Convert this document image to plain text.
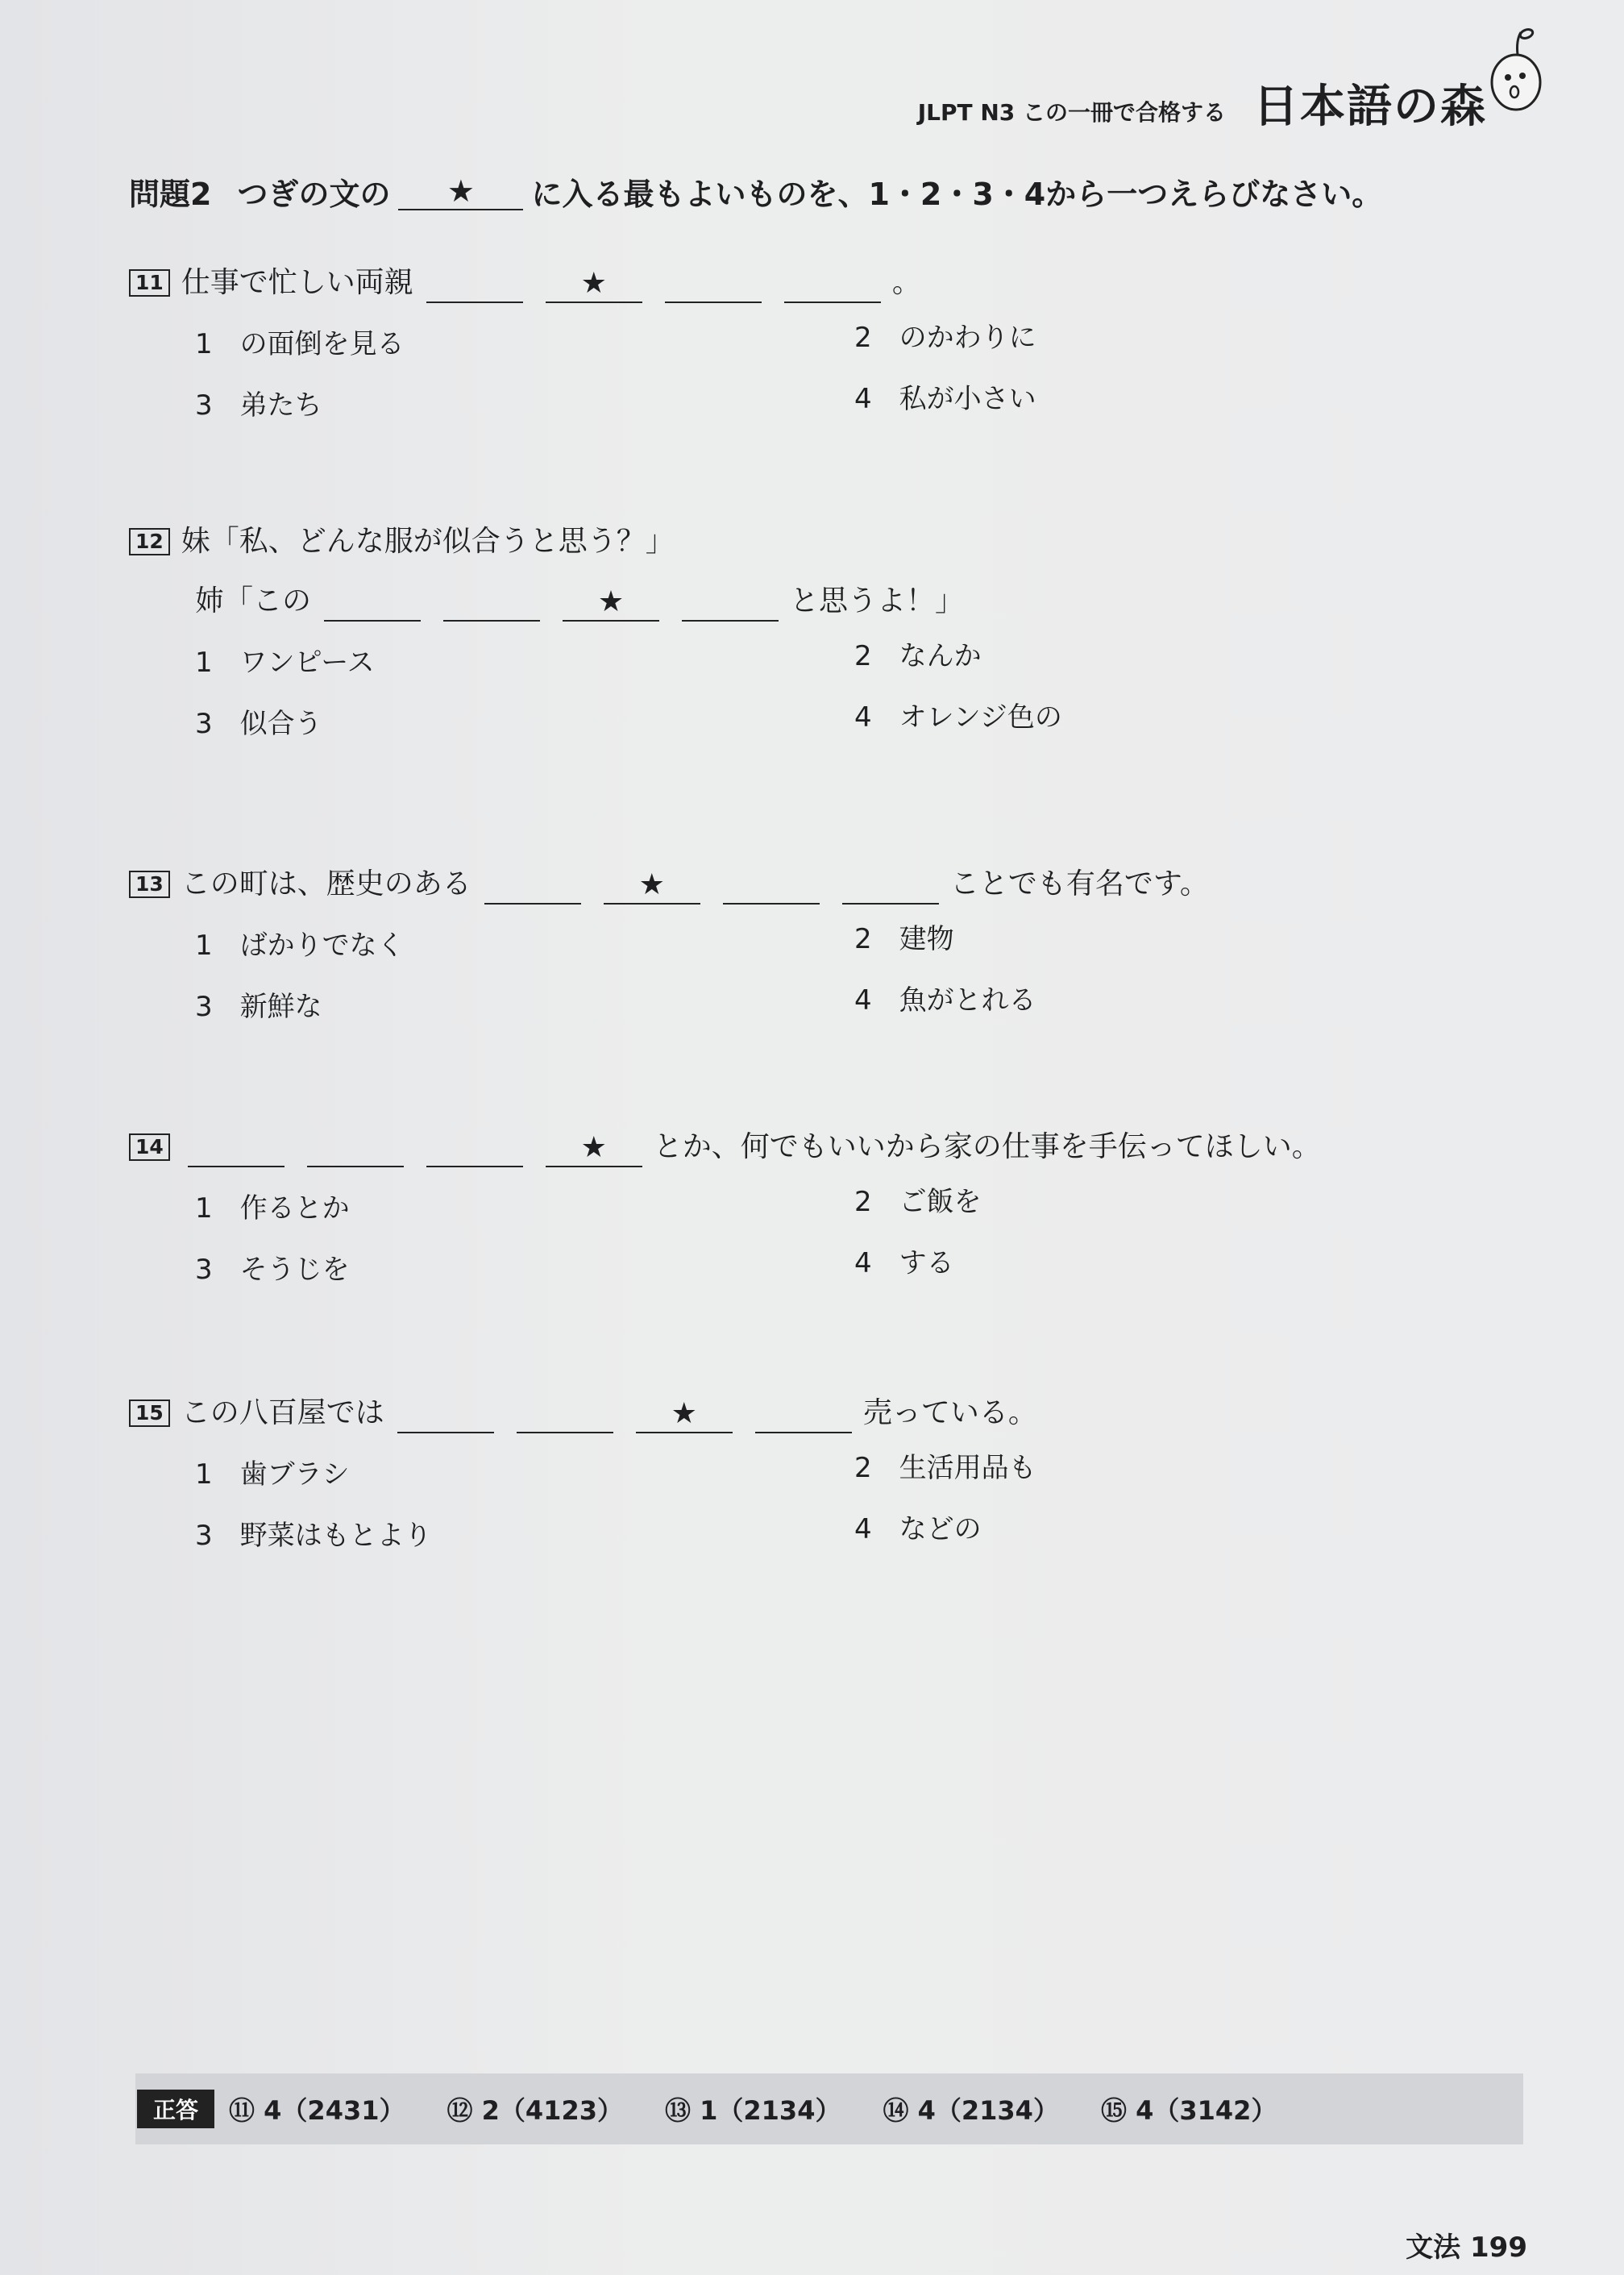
JLPT N3 この一冊で合格する 日本語の森
問題2 つぎの文の	★	に入る最もよいものを、1・2・3・4から一つえらびなさい。
11 仕事で忙しい両親	★	。
1　の面倒を見る	2　のかわりに
3　弟たち	4　私が小さい
12 妹「私、どんな服が似合うと思う？」
姉「この	★	と思うよ！」
1　ワンピース	2　なんか
3　似合う	4　オレンジ色の
13 この町は、歴史のある	★	ことでも有名です。
1　ばかりでなく	2　建物
3　新鮮な	4　魚がとれる
14	★	とか、何でもいいから家の仕事を手伝ってほしい。
1　作るとか	2　ご飯を
3　そうじを	4　する
15 この八百屋では	★	売っている。
1　歯ブラシ	2　生活用品も
3　野菜はもとより	4　などの
正答	⑪ 4（2431） ⑫ 2（4123） ⑬ 1（2134） ⑭ 4（2134） ⑮ 4（3142）
文法 199
